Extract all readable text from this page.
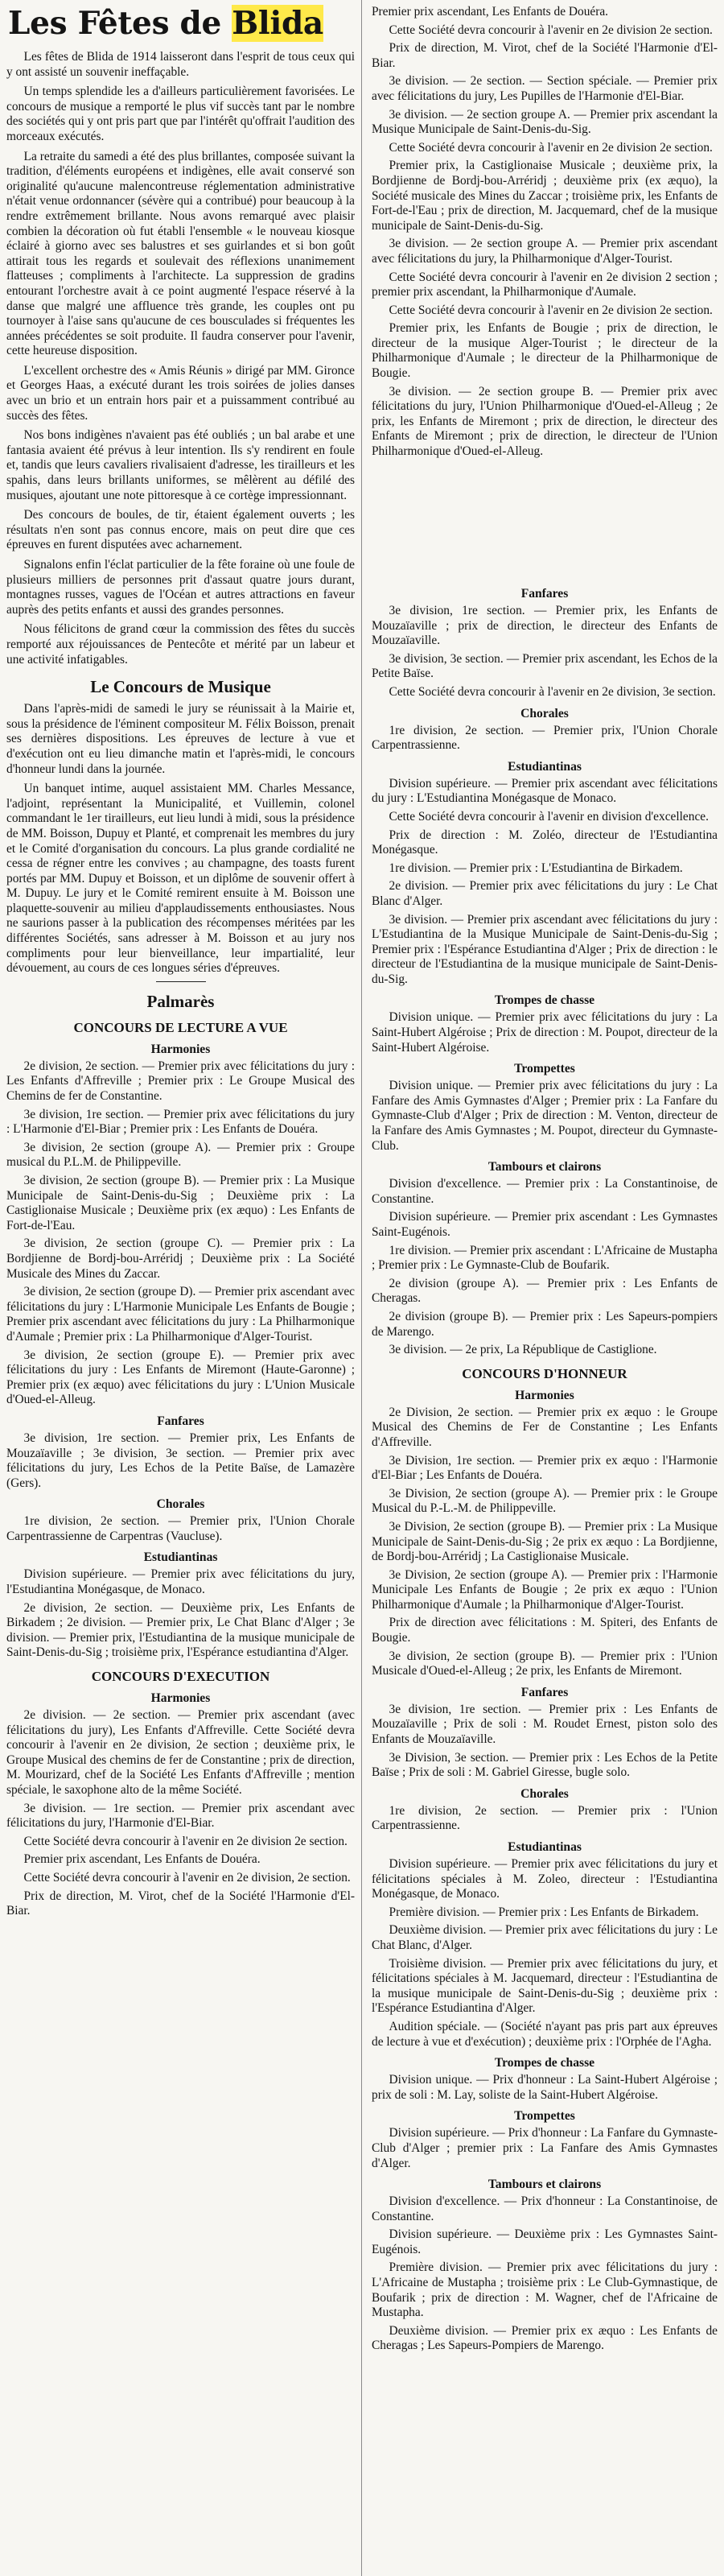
Les Fêtes de Blida

Les fêtes de Blida de 1914 laisseront dans l'esprit de tous ceux qui y ont assisté un souvenir ineffaçable.

Un temps splendide les a d'ailleurs particulièrement favorisées. Le concours de musique a remporté le plus vif succès tant par le nombre des sociétés qui y ont pris part que par l'intérêt qu'offrait l'audition des morceaux exécutés.

La retraite du samedi a été des plus brillantes, composée suivant la tradition, d'éléments européens et indigènes, elle avait conservé son originalité qu'aucune malencontreuse réglementation administrative n'était venue ordonnancer (sévère qui a contribué) pour beaucoup à la rendre extrêmement brillante. Nous avons remarqué avec plaisir combien la décoration où fut établi l'ensemble « le nouveau kiosque éclairé à giorno avec ses balustres et ses guirlandes et si bon goût attirait tous les regards et soulevait des réflexions unanimement flatteuses ; compliments à l'architecte. La suppression de gradins entourant l'orchestre avait à ce point augmenté l'espace réservé à la danse que malgré une affluence très grande, les couples ont pu tournoyer à l'aise sans qu'aucune de ces bousculades si fréquentes les années précédentes se soit produite. Il faudra conserver pour l'avenir, cette heureuse disposition.

L'excellent orchestre des « Amis Réunis » dirigé par MM. Gironce et Georges Haas, a exécuté durant les trois soirées de jolies danses avec un brio et un entrain hors pair et a puissamment contribué au succès des fêtes.

Nos bons indigènes n'avaient pas été oubliés ; un bal arabe et une fantasia avaient été prévus à leur intention. Ils s'y rendirent en foule et, tandis que leurs cavaliers rivalisaient d'adresse, les tirailleurs et les spahis, dans leurs brillants uniformes, se mêlèrent au défilé des musiques, ajoutant une note pittoresque à ce cortège impressionnant.

Des concours de boules, de tir, étaient également ouverts ; les résultats n'en sont pas connus encore, mais on peut dire que ces épreuves en furent disputées avec acharnement.

Signalons enfin l'éclat particulier de la fête foraine où une foule de plusieurs milliers de personnes prit d'assaut quatre jours durant, montagnes russes, vagues de l'Océan et autres attractions en faveur auprès des petits enfants et aussi des grandes personnes.

Nous félicitons de grand cœur la commission des fêtes du succès remporté aux réjouissances de Pentecôte et mérité par un labeur et une activité infatigables.

Le Concours de Musique

Dans l'après-midi de samedi le jury se réunissait à la Mairie et, sous la présidence de l'éminent compositeur M. Félix Boisson, prenait ses dernières dispositions. Les épreuves de lecture à vue et d'exécution ont eu lieu dimanche matin et l'après-midi, le concours d'honneur lundi dans la journée.

Un banquet intime, auquel assistaient MM. Charles Messance, l'adjoint, représentant la Municipalité, et Vuillemin, colonel commandant le 1er tirailleurs, eut lieu lundi à midi, sous la présidence de MM. Boisson, Dupuy et Planté, et comprenait les membres du jury et le Comité d'organisation du concours. La plus grande cordialité ne cessa de régner entre les convives ; au champagne, des toasts furent portés par MM. Dupuy et Boisson, et un diplôme de souvenir offert à M. Dupuy. Le jury et le Comité remirent ensuite à M. Boisson une plaquette-souvenir au milieu d'applaudissements enthousiastes. Nous ne saurions passer à la publication des récompenses méritées par les différentes Sociétés, sans adresser à M. Boisson et au jury nos compliments pour leur bienveillance, leur impartialité, leur dévouement, au cours de ces longues séries d'épreuves.

Palmarès
CONCOURS DE LECTURE A VUE
Harmonies
2e division, 2e section. — Premier prix avec félicitations du jury : Les Enfants d'Affreville ; Premier prix : Le Groupe Musical des Chemins de fer de Constantine.
3e division, 1re section. — Premier prix avec félicitations du jury : L'Harmonie d'El-Biar ; Premier prix : Les Enfants de Douéra.
3e division, 2e section (groupe A). — Premier prix : Groupe musical du P.L.M. de Philippeville.
3e division, 2e section (groupe B). — Premier prix : La Musique Municipale de Saint-Denis-du-Sig ; Deuxième prix : La Castiglionaise Musicale ; Deuxième prix (ex æquo) : Les Enfants de Fort-de-l'Eau.
3e division, 2e section (groupe C). — Premier prix : La Bordjienne de Bordj-bou-Arréridj ; Deuxième prix : La Société Musicale des Mines du Zaccar.
3e division, 2e section (groupe D). — Premier prix ascendant avec félicitations du jury : L'Harmonie Municipale Les Enfants de Bougie ; Premier prix ascendant avec félicitations du jury : La Philharmonique d'Aumale ; Premier prix : La Philharmonique d'Alger-Tourist.
3e division, 2e section (groupe E). — Premier prix avec félicitations du jury : Les Enfants de Miremont (Haute-Garonne) ; Premier prix (ex æquo) avec félicitations du jury : L'Union Musicale d'Oued-el-Alleug.
Fanfares
3e division, 1re section. — Premier prix, Les Enfants de Mouzaïaville ; 3e division, 3e section. — Premier prix avec félicitations du jury, Les Echos de la Petite Baïse, de Lamazère (Gers).
Chorales
1re division, 2e section. — Premier prix, l'Union Chorale Carpentrassienne de Carpentras (Vaucluse).
Estudiantinas
Division supérieure. — Premier prix avec félicitations du jury, l'Estudiantina Monégasque, de Monaco.
2e division, 2e section. — Deuxième prix, Les Enfants de Birkadem ; 2e division. — Premier prix, Le Chat Blanc d'Alger ; 3e division. — Premier prix, l'Estudiantina de la musique municipale de Saint-Denis-du-Sig ; troisième prix, l'Espérance estudiantina d'Alger.
CONCOURS D'EXECUTION
Harmonies
2e division. — 2e section. — Premier prix ascendant (avec félicitations du jury), Les Enfants d'Affreville. Cette Société devra concourir à l'avenir en 2e division, 2e section ; deuxième prix, le Groupe Musical des chemins de fer de Constantine ; prix de direction, M. Mourizard, chef de la Société Les Enfants d'Affreville ; mention spéciale, le saxophone alto de la même Société.
3e division. — 1re section. — Premier prix ascendant avec félicitations du jury, l'Harmonie d'El-Biar.
Cette Société devra concourir à l'avenir en 2e division 2e section.
Premier prix ascendant, Les Enfants de Douéra.
Cette Société devra concourir à l'avenir en 2e division, 2e section.
Prix de direction, M. Virot, chef de la Société l'Harmonie d'El-Biar.
Premier prix ascendant, Les Enfants de Douéra.
Cette Société devra concourir à l'avenir en 2e division 2e section.
Prix de direction, M. Virot, chef de la Société l'Harmonie d'El-Biar.
3e division. — 2e section. — Section spéciale. — Premier prix avec félicitations du jury, Les Pupilles de l'Harmonie d'El-Biar.
3e division. — 2e section groupe A. — Premier prix ascendant la Musique Municipale de Saint-Denis-du-Sig.
Cette Société devra concourir à l'avenir en 2e division 2e section.
Premier prix, la Castiglionaise Musicale ; deuxième prix, la Bordjienne de Bordj-bou-Arréridj ; deuxième prix (ex æquo), la Société musicale des Mines du Zaccar ; troisième prix, les Enfants de Fort-de-l'Eau ; prix de direction, M. Jacquemard, chef de la musique municipale de Saint-Denis-du-Sig.
3e division. — 2e section groupe A. — Premier prix ascendant avec félicitations du jury, la Philharmonique d'Alger-Tourist.
Cette Société devra concourir à l'avenir en 2e division 2 section ; premier prix ascendant, la Philharmonique d'Aumale.
Cette Société devra concourir à l'avenir en 2e division 2e section.
Premier prix, les Enfants de Bougie ; prix de direction, le directeur de la musique Alger-Tourist ; le directeur de la Philharmonique d'Aumale ; le directeur de la Philharmonique de Bougie.
3e division. — 2e section groupe B. — Premier prix avec félicitations du jury, l'Union Philharmonique d'Oued-el-Alleug ; 2e prix, les Enfants de Miremont ; prix de direction, le directeur des Enfants de Miremont ; prix de direction, le directeur de l'Union Philharmonique d'Oued-el-Alleug.
Fanfares
3e division, 1re section. — Premier prix, les Enfants de Mouzaïaville ; prix de direction, le directeur des Enfants de Mouzaïaville.
3e division, 3e section. — Premier prix ascendant, les Echos de la Petite Baïse.
Cette Société devra concourir à l'avenir en 2e division, 3e section.
Chorales
1re division, 2e section. — Premier prix, l'Union Chorale Carpentrassienne.
Estudiantinas
Division supérieure. — Premier prix ascendant avec félicitations du jury : L'Estudiantina Monégasque de Monaco.
Cette Société devra concourir à l'avenir en division d'excellence.
Prix de direction : M. Zoléo, directeur de l'Estudiantina Monégasque.
1re division. — Premier prix : L'Estudiantina de Birkadem.
2e division. — Premier prix avec félicitations du jury : Le Chat Blanc d'Alger.
3e division. — Premier prix ascendant avec félicitations du jury : L'Estudiantina de la Musique Municipale de Saint-Denis-du-Sig ; Premier prix : l'Espérance Estudiantina d'Alger ; Prix de direction : le directeur de l'Estudiantina de la musique municipale de Saint-Denis-du-Sig.
Trompes de chasse
Division unique. — Premier prix avec félicitations du jury : La Saint-Hubert Algéroise ; Prix de direction : M. Poupot, directeur de la Saint-Hubert Algéroise.
Trompettes
Division unique. — Premier prix avec félicitations du jury : La Fanfare des Amis Gymnastes d'Alger ; Premier prix : La Fanfare du Gymnaste-Club d'Alger ; Prix de direction : M. Venton, directeur de la Fanfare des Amis Gymnastes ; M. Poupot, directeur du Gymnaste-Club.
Tambours et clairons
Division d'excellence. — Premier prix : La Constantinoise, de Constantine.
Division supérieure. — Premier prix ascendant : Les Gymnastes Saint-Eugénois.
1re division. — Premier prix ascendant : L'Africaine de Mustapha ; Premier prix : Le Gymnaste-Club de Boufarik.
2e division (groupe A). — Premier prix : Les Enfants de Cheragas.
2e division (groupe B). — Premier prix : Les Sapeurs-pompiers de Marengo.
3e division. — 2e prix, La République de Castiglione.
CONCOURS D'HONNEUR
Harmonies
2e Division, 2e section. — Premier prix ex æquo : le Groupe Musical des Chemins de Fer de Constantine ; Les Enfants d'Affreville.
3e Division, 1re section. — Premier prix ex æquo : l'Harmonie d'El-Biar ; Les Enfants de Douéra.
3e Division, 2e section (groupe A). — Premier prix : le Groupe Musical du P.-L.-M. de Philippeville.
3e Division, 2e section (groupe B). — Premier prix : La Musique Municipale de Saint-Denis-du-Sig ; 2e prix ex æquo : La Bordjienne, de Bordj-bou-Arréridj ; La Castiglionaise Musicale.
3e Division, 2e section (groupe A). — Premier prix : l'Harmonie Municipale Les Enfants de Bougie ; 2e prix ex æquo : l'Union Philharmonique d'Aumale ; la Philharmonique d'Alger-Tourist.
Prix de direction avec félicitations : M. Spiteri, des Enfants de Bougie.
3e division, 2e section (groupe B). — Premier prix : l'Union Musicale d'Oued-el-Alleug ; 2e prix, les Enfants de Miremont.
Fanfares
3e division, 1re section. — Premier prix : Les Enfants de Mouzaïaville ; Prix de soli : M. Roudet Ernest, piston solo des Enfants de Mouzaïaville.
3e Division, 3e section. — Premier prix : Les Echos de la Petite Baïse ; Prix de soli : M. Gabriel Giresse, bugle solo.
Chorales
1re division, 2e section. — Premier prix : l'Union Carpentrassienne.
Estudiantinas
Division supérieure. — Premier prix avec félicitations du jury et félicitations spéciales à M. Zoleo, directeur : l'Estudiantina Monégasque, de Monaco.
Première division. — Premier prix : Les Enfants de Birkadem.
Deuxième division. — Premier prix avec félicitations du jury : Le Chat Blanc, d'Alger.
Troisième division. — Premier prix avec félicitations du jury, et félicitations spéciales à M. Jacquemard, directeur : l'Estudiantina de la musique municipale de Saint-Denis-du-Sig ; deuxième prix : l'Espérance Estudiantina d'Alger.
Audition spéciale. — (Société n'ayant pas pris part aux épreuves de lecture à vue et d'exécution) ; deuxième prix : l'Orphée de l'Agha.
Trompes de chasse
Division unique. — Prix d'honneur : La Saint-Hubert Algéroise ; prix de soli : M. Lay, soliste de la Saint-Hubert Algéroise.
Trompettes
Division supérieure. — Prix d'honneur : La Fanfare du Gymnaste-Club d'Alger ; premier prix : La Fanfare des Amis Gymnastes d'Alger.
Tambours et clairons
Division d'excellence. — Prix d'honneur : La Constantinoise, de Constantine.
Division supérieure. — Deuxième prix : Les Gymnastes Saint-Eugénois.
Première division. — Premier prix avec félicitations du jury : L'Africaine de Mustapha ; troisième prix : Le Club-Gymnastique, de Boufarik ; prix de direction : M. Wagner, chef de l'Africaine de Mustapha.
Deuxième division. — Premier prix ex æquo : Les Enfants de Cheragas ; Les Sapeurs-Pompiers de Marengo.
